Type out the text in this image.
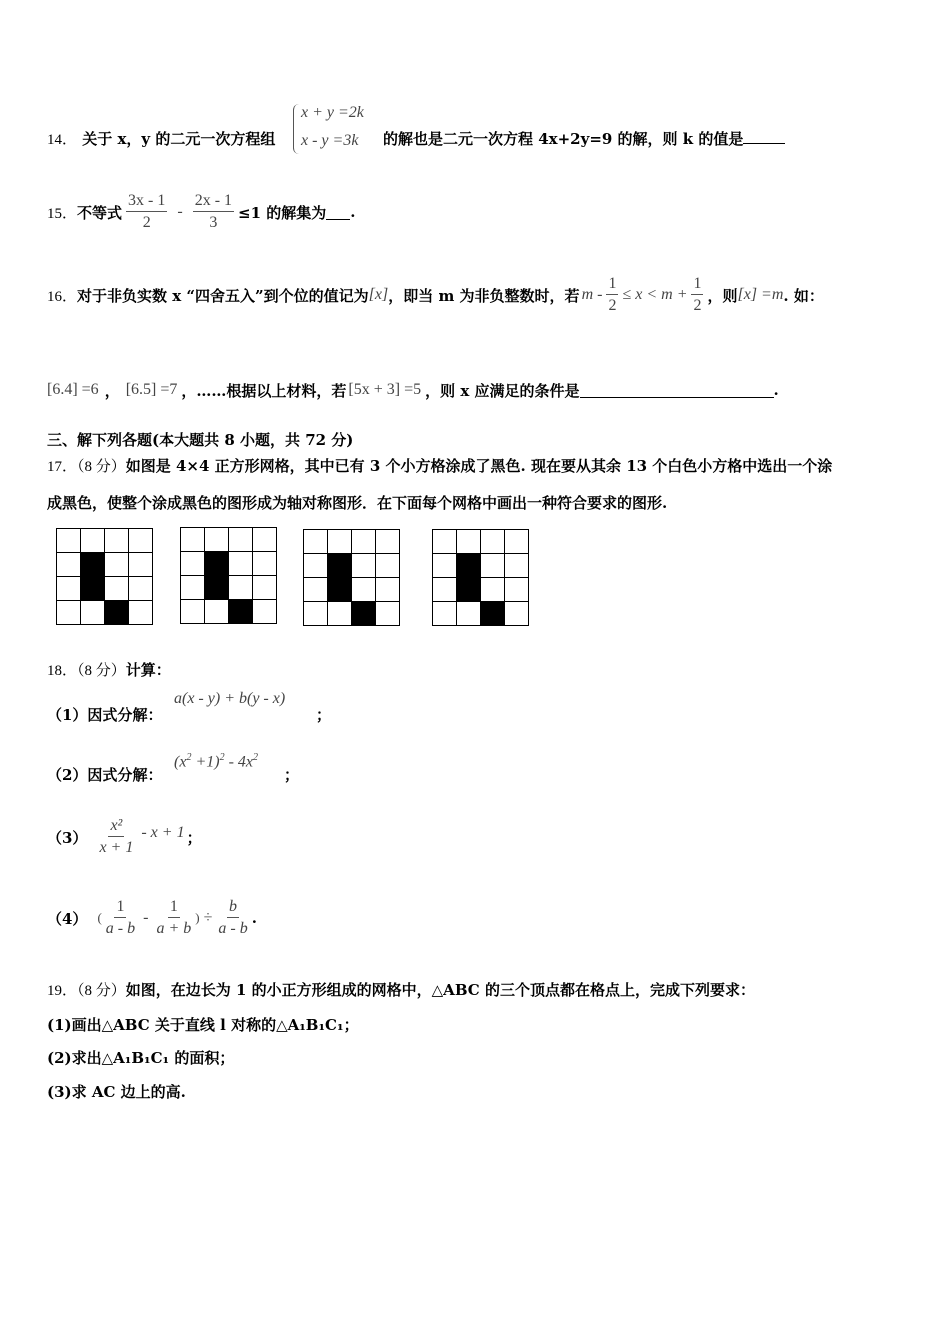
14． 关于 x，y 的二元一次方程组
x + y =2k
x - y =3k 的解也是二元一次方程 4x+2y=9 的解，则 k 的值是
15． 不等式 $\frac{3x - 1}{2} - \frac{2x - 1}{3} \le 1$ 的解集为 .
16． 对于非负实数 x “四舍五入”到个位的值记为 [x] ，即当 m 为非负整数时，若 $m - \frac{1}{2} \le x < m + \frac{1}{2}$ ，则 [x] =m . 如：
[6.4] =6 ， [6.5] =7 ，……根据以上材料，若 [5x + 3] =5 ，则 x 应满足的条件是	.
三、解下列各题(本大题共 8 小题，共 72 分)
17．（8 分）如图是 4×4 正方形网格，其中已有 3 个小方格涂成了黑色. 现在要从其余 13 个白色小方格中选出一个涂
成黑色，使整个涂成黑色的图形成为轴对称图形．在下面每个网格中画出一种符合要求的图形.

18．（8 分）计算：
（1）因式分解：
a(x - y) + b(y - x)
；
（2）因式分解：
$(x^2 +1)^2 - 4x^2$
；
$(3) \frac{\text{x²}}{x + 1} - x + 1$ ；
（4） ( $\frac{1}{a - b} - \frac{1}{a + b}$ ) ÷ $\frac{b}{a - b}$ .
19．（8 分）如图，在边长为 1 的小正方形组成的网格中，△ABC 的三个顶点都在格点上，完成下列要求：
(1)画出△ABC 关于直线 l 对称的△A₁B₁C₁；
(2)求出△A₁B₁C₁ 的面积；
(3)求 AC 边上的高.
